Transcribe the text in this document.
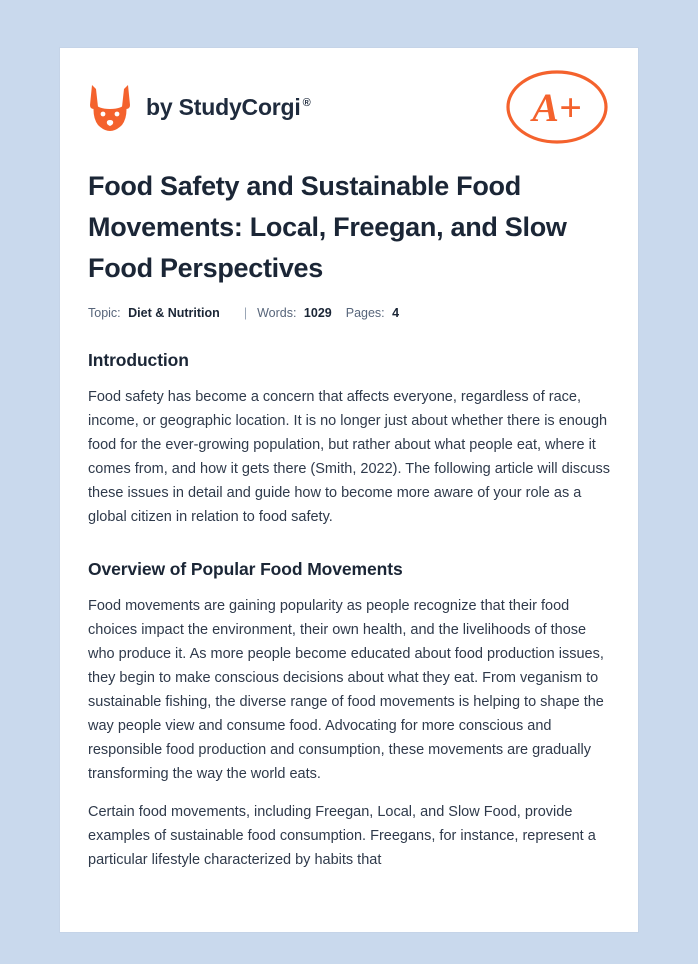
by StudyCorgi ®	A+
Food Safety and Sustainable Food Movements: Local, Freegan, and Slow Food Perspectives
Topic: Diet & Nutrition | Words: 1029 Pages: 4
Introduction

Food safety has become a concern that affects everyone, regardless of race, income, or geographic location. It is no longer just about whether there is enough food for the ever-growing population, but rather about what people eat, where it comes from, and how it gets there (Smith, 2022). The following article will discuss these issues in detail and guide how to become more aware of your role as a global citizen in relation to food safety.

Overview of Popular Food Movements

Food movements are gaining popularity as people recognize that their food choices impact the environment, their own health, and the livelihoods of those who produce it. As more people become educated about food production issues, they begin to make conscious decisions about what they eat. From veganism to sustainable fishing, the diverse range of food movements is helping to shape the way people view and consume food. Advocating for more conscious and responsible food production and consumption, these movements are gradually transforming the way the world eats.

Certain food movements, including Freegan, Local, and Slow Food, provide examples of sustainable food consumption. Freegans, for instance, represent a particular lifestyle characterized by habits that
